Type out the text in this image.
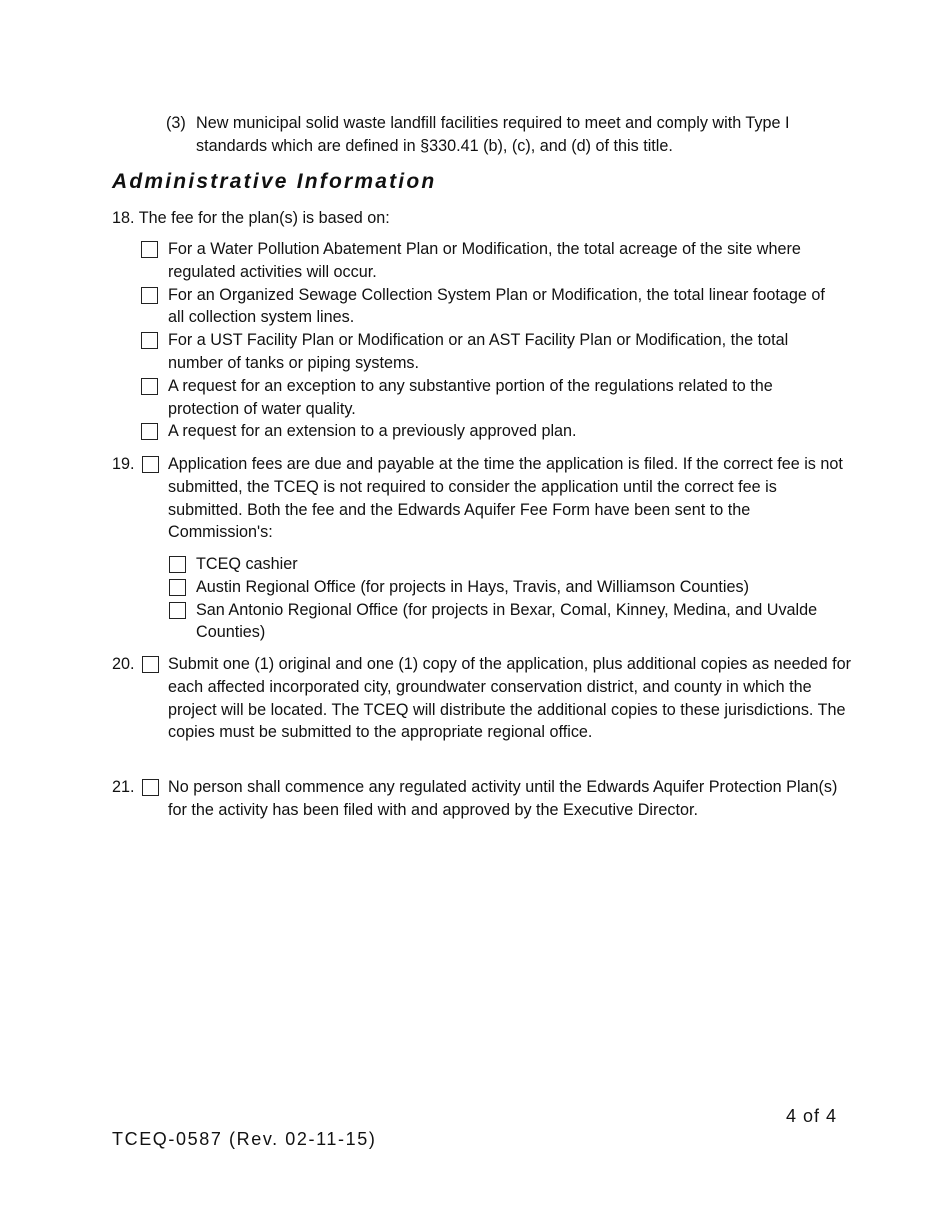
(3) New municipal solid waste landfill facilities required to meet and comply with Type I standards which are defined in §330.41 (b), (c), and (d) of this title.
Administrative Information
18. The fee for the plan(s) is based on:
For a Water Pollution Abatement Plan or Modification, the total acreage of the site where regulated activities will occur.
For an Organized Sewage Collection System Plan or Modification, the total linear footage of all collection system lines.
For a UST Facility Plan or Modification or an AST Facility Plan or Modification, the total number of tanks or piping systems.
A request for an exception to any substantive portion of the regulations related to the protection of water quality.
A request for an extension to a previously approved plan.
19. Application fees are due and payable at the time the application is filed. If the correct fee is not submitted, the TCEQ is not required to consider the application until the correct fee is submitted. Both the fee and the Edwards Aquifer Fee Form have been sent to the Commission's:
TCEQ cashier
Austin Regional Office (for projects in Hays, Travis, and Williamson Counties)
San Antonio Regional Office (for projects in Bexar, Comal, Kinney, Medina, and Uvalde Counties)
20. Submit one (1) original and one (1) copy of the application, plus additional copies as needed for each affected incorporated city, groundwater conservation district, and county in which the project will be located. The TCEQ will distribute the additional copies to these jurisdictions. The copies must be submitted to the appropriate regional office.
21. No person shall commence any regulated activity until the Edwards Aquifer Protection Plan(s) for the activity has been filed with and approved by the Executive Director.
4 of 4
TCEQ-0587 (Rev. 02-11-15)
